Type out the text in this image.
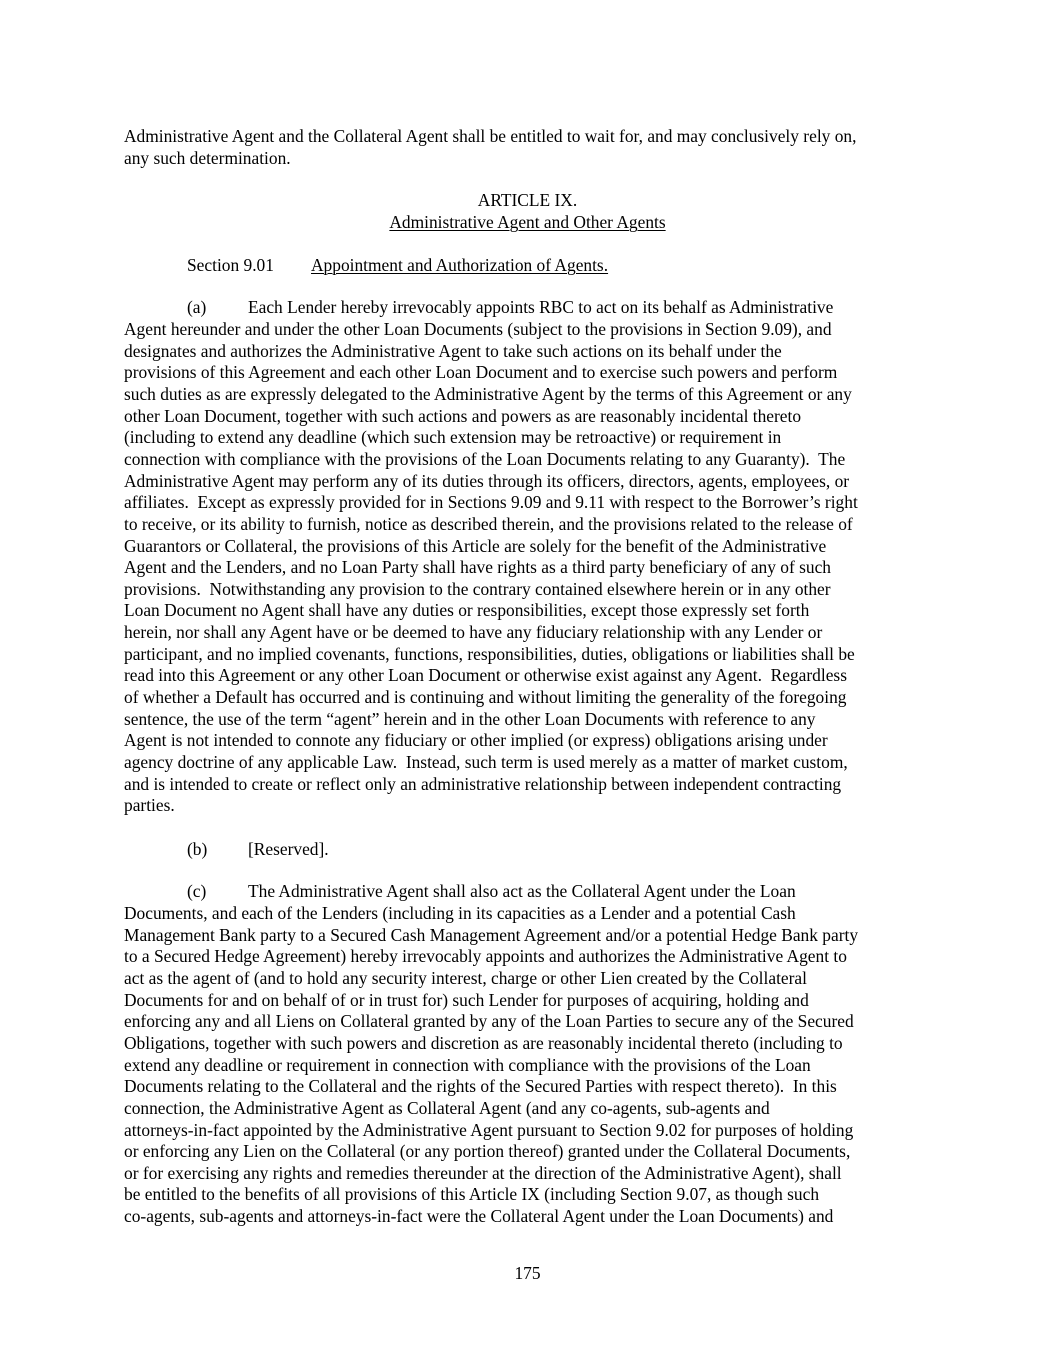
Administrative Agent and the Collateral Agent shall be entitled to wait for, and may conclusively rely on,
any such determination.
ARTICLE IX.
Administrative Agent and Other Agents
Section 9.01 Appointment and Authorization of Agents.
(a) Each Lender hereby irrevocably appoints RBC to act on its behalf as Administrative
Agent hereunder and under the other Loan Documents (subject to the provisions in Section 9.09), and
designates and authorizes the Administrative Agent to take such actions on its behalf under the
provisions of this Agreement and each other Loan Document and to exercise such powers and perform
such duties as are expressly delegated to the Administrative Agent by the terms of this Agreement or any
other Loan Document, together with such actions and powers as are reasonably incidental thereto
(including to extend any deadline (which such extension may be retroactive) or requirement in
connection with compliance with the provisions of the Loan Documents relating to any Guaranty).  The
Administrative Agent may perform any of its duties through its officers, directors, agents, employees, or
affiliates.  Except as expressly provided for in Sections 9.09 and 9.11 with respect to the Borrower’s right
to receive, or its ability to furnish, notice as described therein, and the provisions related to the release of
Guarantors or Collateral, the provisions of this Article are solely for the benefit of the Administrative
Agent and the Lenders, and no Loan Party shall have rights as a third party beneficiary of any of such
provisions.  Notwithstanding any provision to the contrary contained elsewhere herein or in any other
Loan Document no Agent shall have any duties or responsibilities, except those expressly set forth
herein, nor shall any Agent have or be deemed to have any fiduciary relationship with any Lender or
participant, and no implied covenants, functions, responsibilities, duties, obligations or liabilities shall be
read into this Agreement or any other Loan Document or otherwise exist against any Agent.  Regardless
of whether a Default has occurred and is continuing and without limiting the generality of the foregoing
sentence, the use of the term “agent” herein and in the other Loan Documents with reference to any
Agent is not intended to connote any fiduciary or other implied (or express) obligations arising under
agency doctrine of any applicable Law.  Instead, such term is used merely as a matter of market custom,
and is intended to create or reflect only an administrative relationship between independent contracting
parties.
(b) [Reserved].
(c) The Administrative Agent shall also act as the Collateral Agent under the Loan
Documents, and each of the Lenders (including in its capacities as a Lender and a potential Cash
Management Bank party to a Secured Cash Management Agreement and/or a potential Hedge Bank party
to a Secured Hedge Agreement) hereby irrevocably appoints and authorizes the Administrative Agent to
act as the agent of (and to hold any security interest, charge or other Lien created by the Collateral
Documents for and on behalf of or in trust for) such Lender for purposes of acquiring, holding and
enforcing any and all Liens on Collateral granted by any of the Loan Parties to secure any of the Secured
Obligations, together with such powers and discretion as are reasonably incidental thereto (including to
extend any deadline or requirement in connection with compliance with the provisions of the Loan
Documents relating to the Collateral and the rights of the Secured Parties with respect thereto).  In this
connection, the Administrative Agent as Collateral Agent (and any co-agents, sub-agents and
attorneys-in-fact appointed by the Administrative Agent pursuant to Section 9.02 for purposes of holding
or enforcing any Lien on the Collateral (or any portion thereof) granted under the Collateral Documents,
or for exercising any rights and remedies thereunder at the direction of the Administrative Agent), shall
be entitled to the benefits of all provisions of this Article IX (including Section 9.07, as though such
co-agents, sub-agents and attorneys-in-fact were the Collateral Agent under the Loan Documents) and
175
